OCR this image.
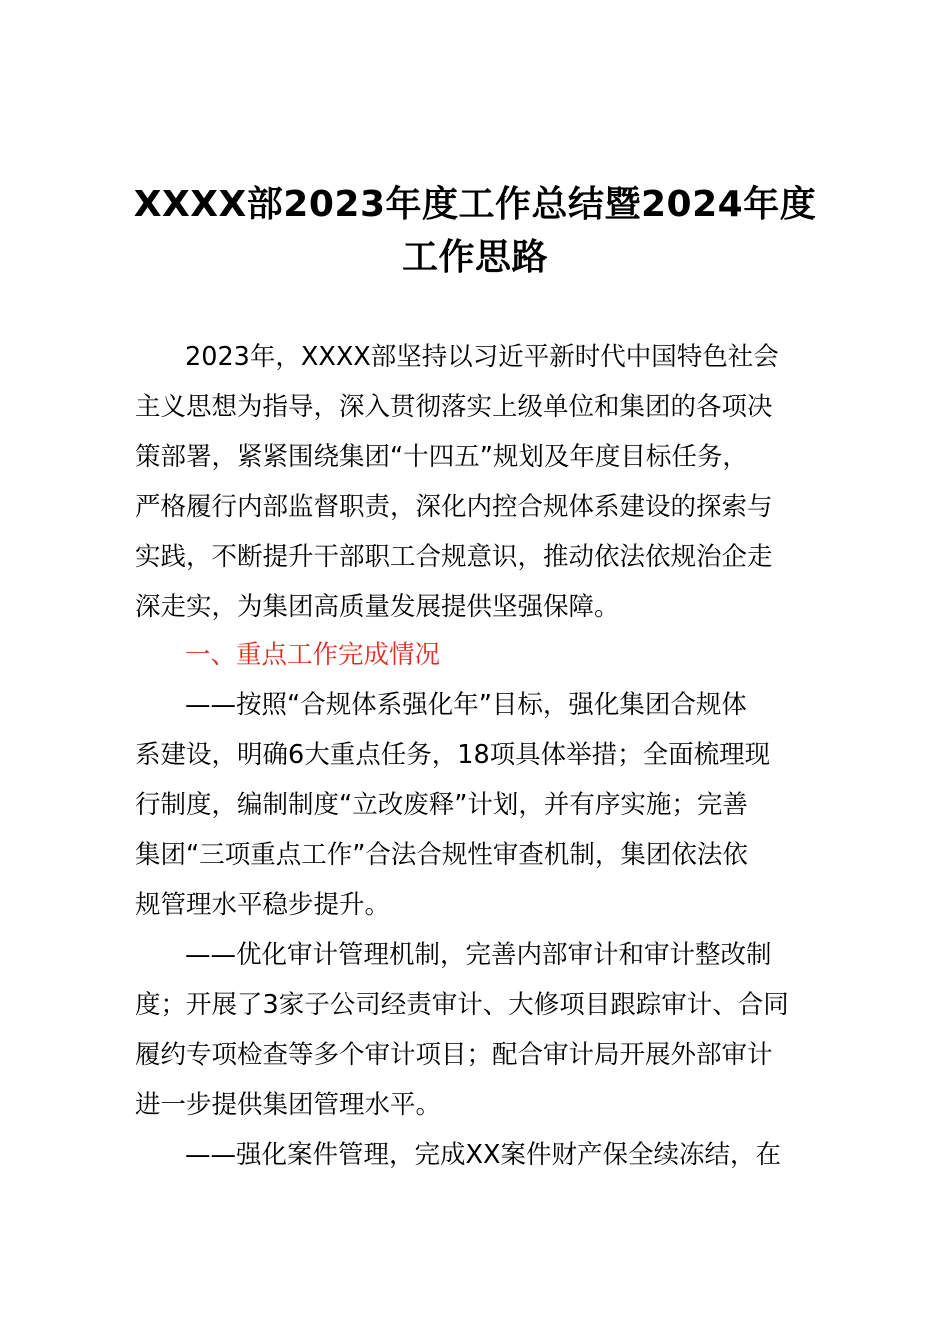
XXXX部2023年度工作总结暨2024年度
工作思路
2023年，XXXX部坚持以习近平新时代中国特色社会
主义思想为指导，深入贯彻落实上级单位和集团的各项决
策部署，紧紧围绕集团“十四五”规划及年度目标任务，
严格履行内部监督职责，深化内控合规体系建设的探索与
实践，不断提升干部职工合规意识，推动依法依规治企走
深走实，为集团高质量发展提供坚强保障。
一、重点工作完成情况
——按照“合规体系强化年”目标，强化集团合规体
系建设，明确6大重点任务，18项具体举措；全面梳理现
行制度，编制制度“立改废释”计划，并有序实施；完善
集团“三项重点工作”合法合规性审查机制，集团依法依
规管理水平稳步提升。
——优化审计管理机制，完善内部审计和审计整改制
度；开展了3家子公司经责审计、大修项目跟踪审计、合同
履约专项检查等多个审计项目；配合审计局开展外部审计
进一步提供集团管理水平。
——强化案件管理，完成XX案件财产保全续冻结，在
